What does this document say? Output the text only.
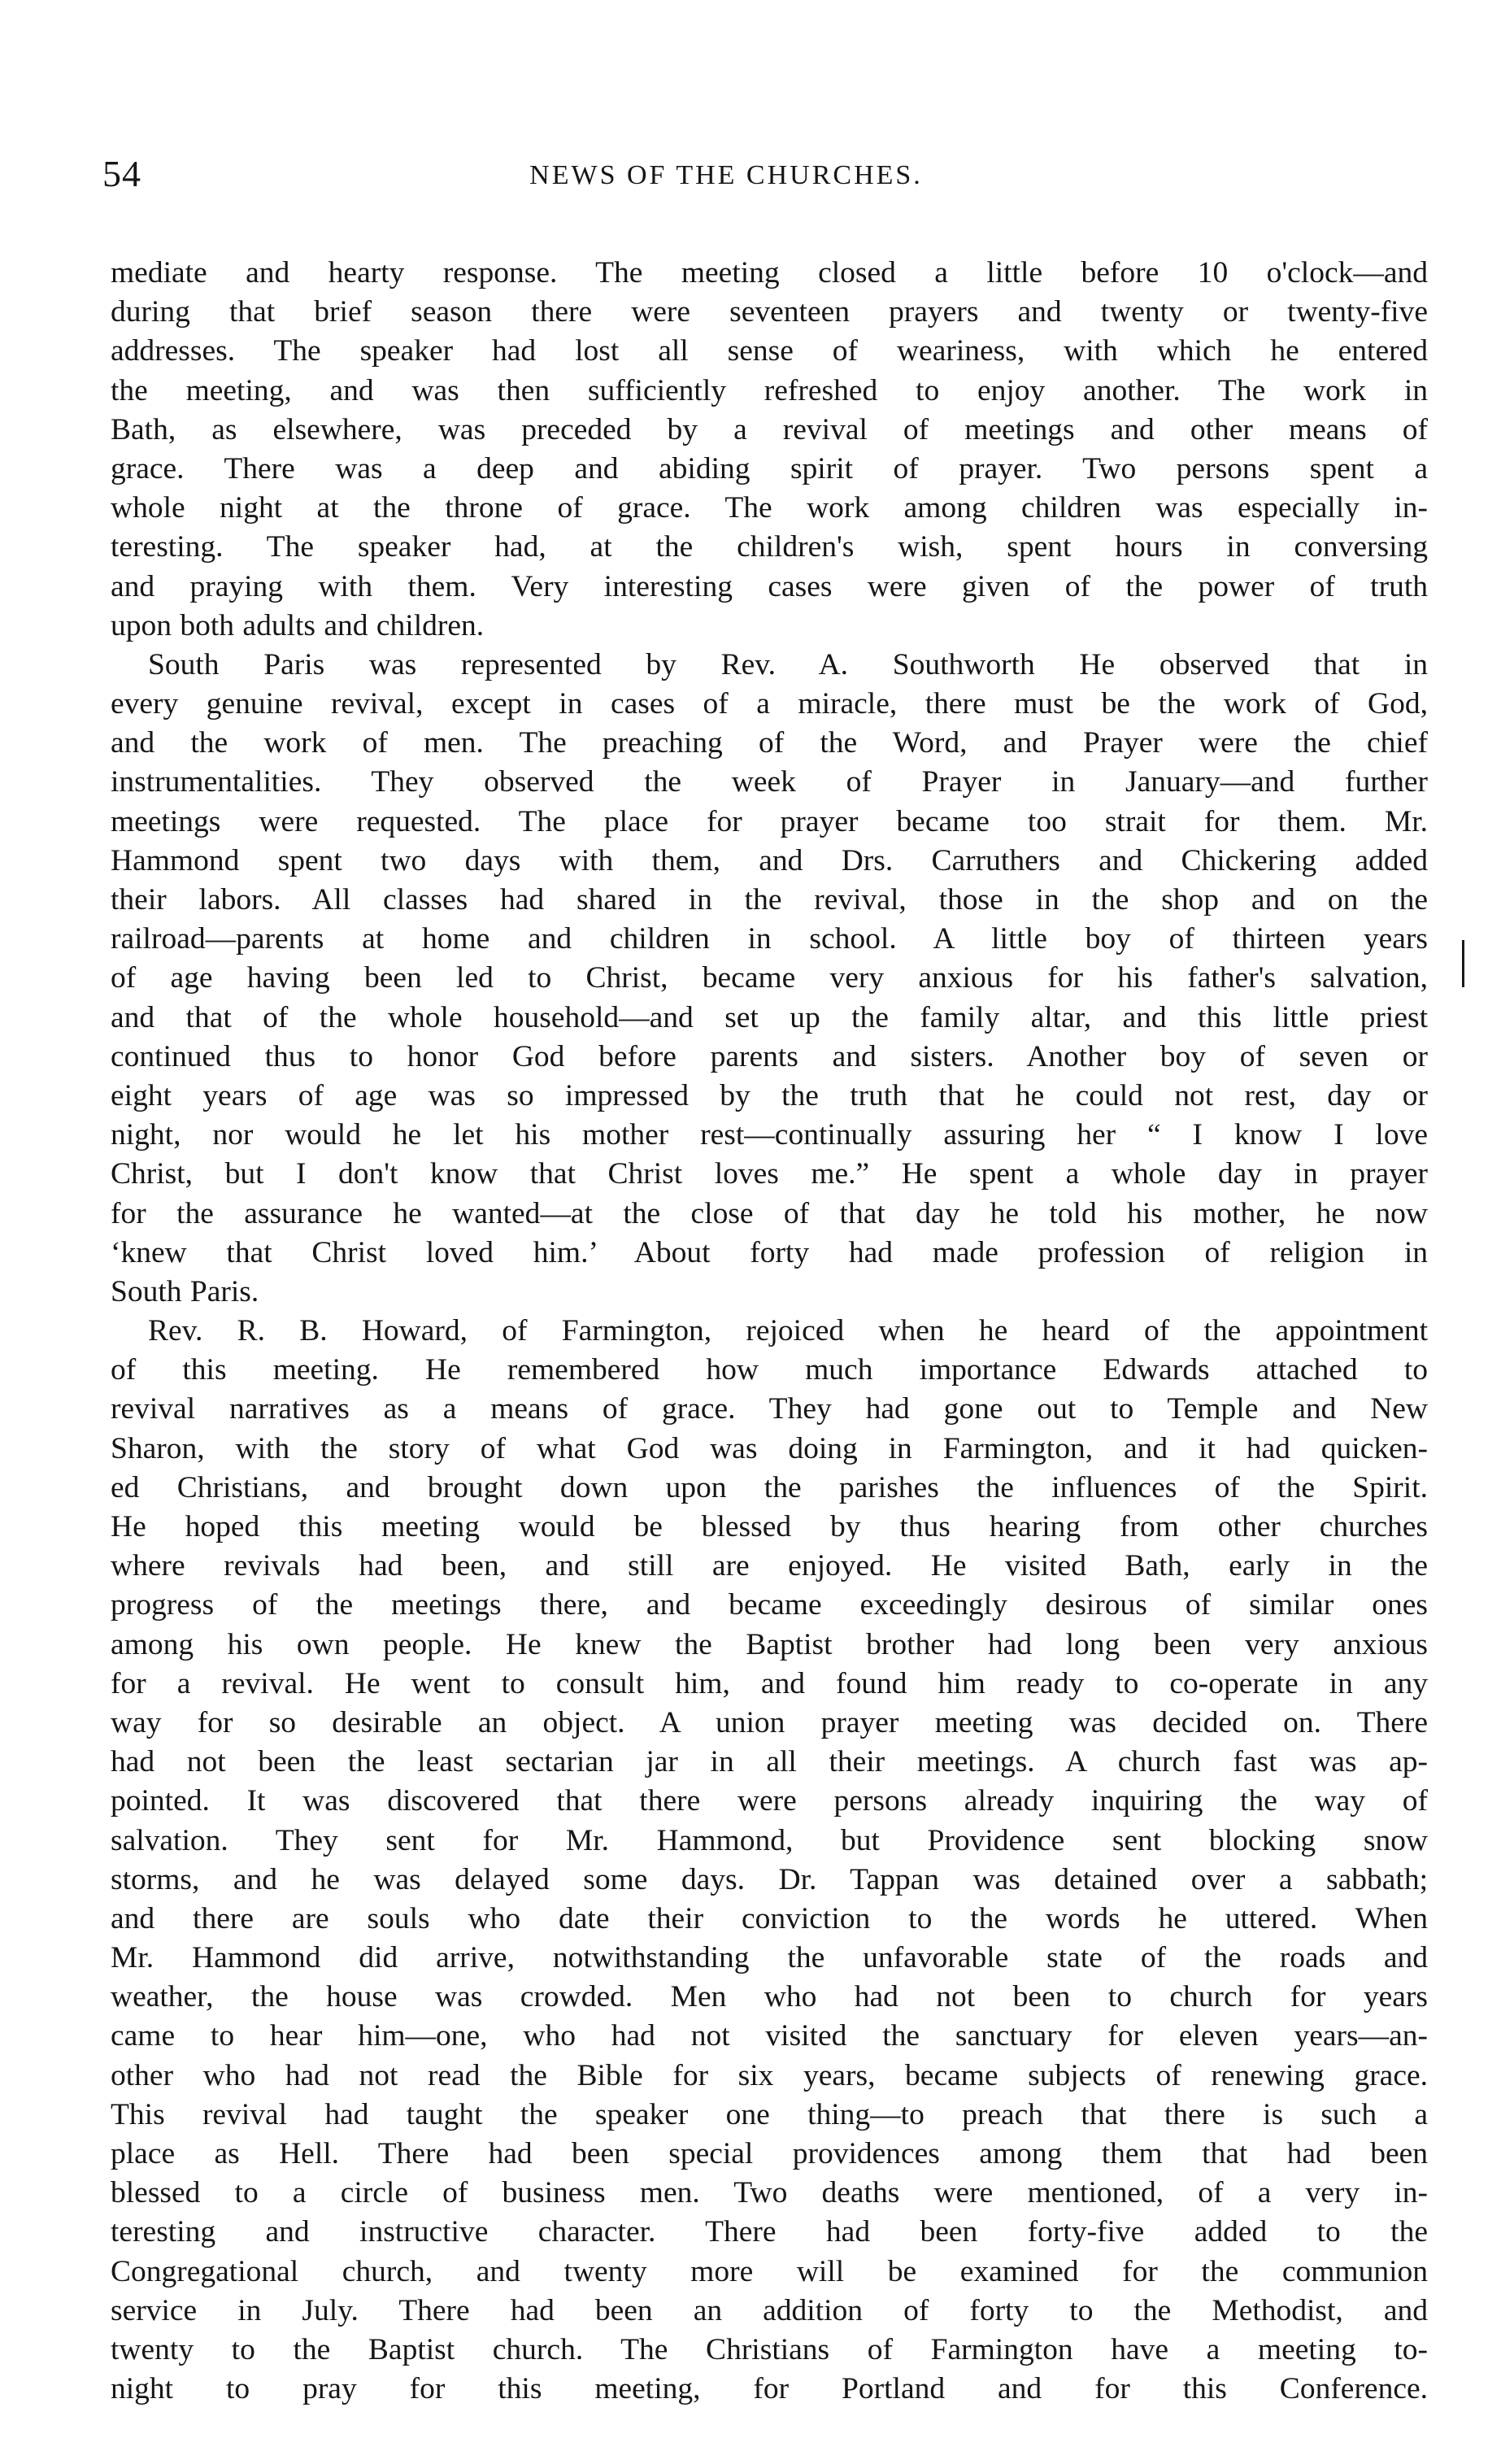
54	NEWS OF THE CHURCHES.
mediate and hearty response. The meeting closed a little before 10 o'clock—and
during that brief season there were seventeen prayers and twenty or twenty-five
addresses. The speaker had lost all sense of weariness, with which he entered
the meeting, and was then sufficiently refreshed to enjoy another. The work in
Bath, as elsewhere, was preceded by a revival of meetings and other means of
grace. There was a deep and abiding spirit of prayer. Two persons spent a
whole night at the throne of grace. The work among children was especially in-
teresting. The speaker had, at the children's wish, spent hours in conversing
and praying with them. Very interesting cases were given of the power of truth
upon both adults and children.
South Paris was represented by Rev. A. Southworth He observed that in
every genuine revival, except in cases of a miracle, there must be the work of God,
and the work of men. The preaching of the Word, and Prayer were the chief
instrumentalities. They observed the week of Prayer in January—and further
meetings were requested. The place for prayer became too strait for them. Mr.
Hammond spent two days with them, and Drs. Carruthers and Chickering added
their labors. All classes had shared in the revival, those in the shop and on the
railroad—parents at home and children in school. A little boy of thirteen years
of age having been led to Christ, became very anxious for his father's salvation,
and that of the whole household—and set up the family altar, and this little priest
continued thus to honor God before parents and sisters. Another boy of seven or
eight years of age was so impressed by the truth that he could not rest, day or
night, nor would he let his mother rest—continually assuring her “ I know I love
Christ, but I don't know that Christ loves me.” He spent a whole day in prayer
for the assurance he wanted—at the close of that day he told his mother, he now
‘knew that Christ loved him.’ About forty had made profession of religion in
South Paris.
Rev. R. B. Howard, of Farmington, rejoiced when he heard of the appointment
of this meeting. He remembered how much importance Edwards attached to
revival narratives as a means of grace. They had gone out to Temple and New
Sharon, with the story of what God was doing in Farmington, and it had quicken-
ed Christians, and brought down upon the parishes the influences of the Spirit.
He hoped this meeting would be blessed by thus hearing from other churches
where revivals had been, and still are enjoyed. He visited Bath, early in the
progress of the meetings there, and became exceedingly desirous of similar ones
among his own people. He knew the Baptist brother had long been very anxious
for a revival. He went to consult him, and found him ready to co-operate in any
way for so desirable an object. A union prayer meeting was decided on. There
had not been the least sectarian jar in all their meetings. A church fast was ap-
pointed. It was discovered that there were persons already inquiring the way of
salvation. They sent for Mr. Hammond, but Providence sent blocking snow
storms, and he was delayed some days. Dr. Tappan was detained over a sabbath;
and there are souls who date their conviction to the words he uttered. When
Mr. Hammond did arrive, notwithstanding the unfavorable state of the roads and
weather, the house was crowded. Men who had not been to church for years
came to hear him—one, who had not visited the sanctuary for eleven years—an-
other who had not read the Bible for six years, became subjects of renewing grace.
This revival had taught the speaker one thing—to preach that there is such a
place as Hell. There had been special providences among them that had been
blessed to a circle of business men. Two deaths were mentioned, of a very in-
teresting and instructive character. There had been forty-five added to the
Congregational church, and twenty more will be examined for the communion
service in July. There had been an addition of forty to the Methodist, and
twenty to the Baptist church. The Christians of Farmington have a meeting to-
night to pray for this meeting, for Portland and for this Conference.
